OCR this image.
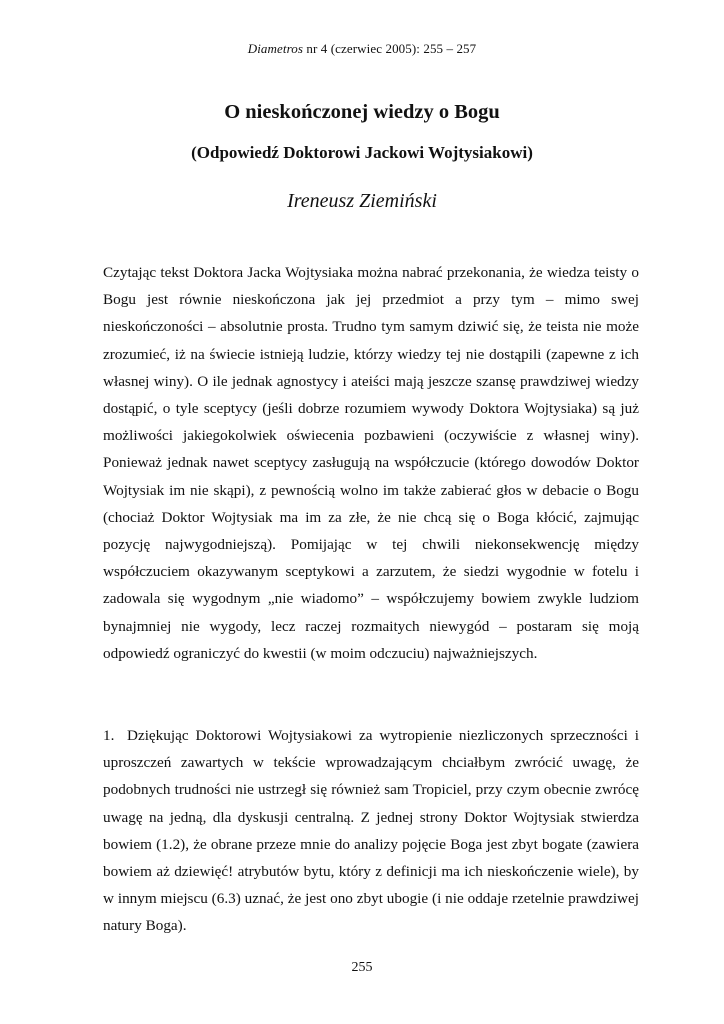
Diametros nr 4 (czerwiec 2005): 255 – 257
O nieskończonej wiedzy o Bogu
(Odpowiedź Doktorowi Jackowi Wojtysiakowi)
Ireneusz Ziemiński

Czytając tekst Doktora Jacka Wojtysiaka można nabrać przekonania, że wiedza teisty o Bogu jest równie nieskończona jak jej przedmiot a przy tym – mimo swej nieskończoności – absolutnie prosta. Trudno tym samym dziwić się, że teista nie może zrozumieć, iż na świecie istnieją ludzie, którzy wiedzy tej nie dostąpili (zapewne z ich własnej winy). O ile jednak agnostycy i ateiści mają jeszcze szansę prawdziwej wiedzy dostąpić, o tyle sceptycy (jeśli dobrze rozumiem wywody Doktora Wojtysiaka) są już możliwości jakiegokolwiek oświecenia pozbawieni (oczywiście z własnej winy). Ponieważ jednak nawet sceptycy zasługują na współczucie (którego dowodów Doktor Wojtysiak im nie skąpi), z pewnością wolno im także zabierać głos w debacie o Bogu (chociaż Doktor Wojtysiak ma im za złe, że nie chcą się o Boga kłócić, zajmując pozycję najwygodniejszą). Pomijając w tej chwili niekonsekwencję między współczuciem okazywanym sceptykowi a zarzutem, że siedzi wygodnie w fotelu i zadowala się wygodnym „nie wiadomo” – współczujemy bowiem zwykle ludziom bynajmniej nie wygody, lecz raczej rozmaitych niewygód – postaram się moją odpowiedź ograniczyć do kwestii (w moim odczuciu) najważniejszych.

1. Dziękując Doktorowi Wojtysiakowi za wytropienie niezliczonych sprzeczności i uproszczeń zawartych w tekście wprowadzającym chciałbym zwrócić uwagę, że podobnych trudności nie ustrzegł się również sam Tropiciel, przy czym obecnie zwrócę uwagę na jedną, dla dyskusji centralną. Z jednej strony Doktor Wojtysiak stwierdza bowiem (1.2), że obrane przeze mnie do analizy pojęcie Boga jest zbyt bogate (zawiera bowiem aż dziewięć! atrybutów bytu, który z definicji ma ich nieskończenie wiele), by w innym miejscu (6.3) uznać, że jest ono zbyt ubogie (i nie oddaje rzetelnie prawdziwej natury Boga).

255
